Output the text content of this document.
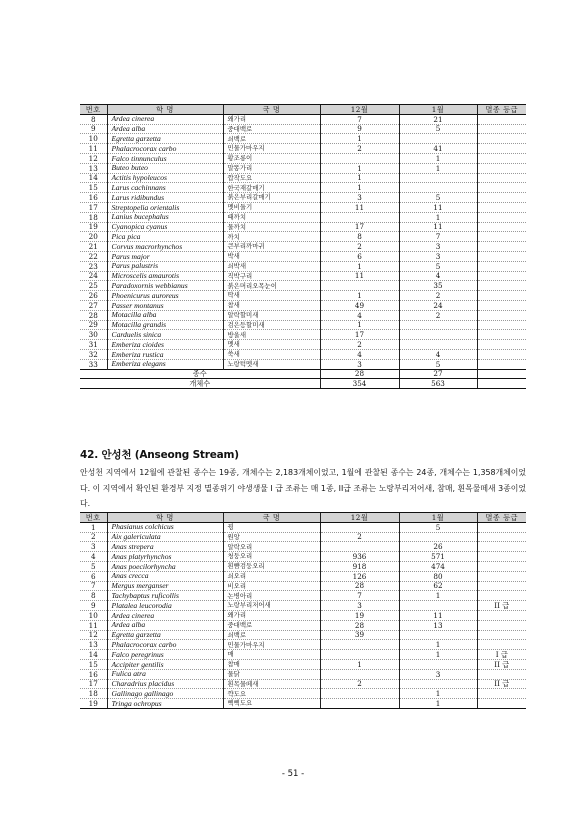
번호	학 명	국 명	12월	1월	멸종 등급
8	Ardea cinerea	왜가리	7	21	
9	Ardea alba	중대백로	9	5	
10	Egretta garzetta	쇠백로	1		
11	Phalacrocorax carbo	민물가마우지	2	41	
12	Falco tinnunculus	황조롱이		1	
13	Buteo buteo	말똥가리	1	1	
14	Actitis hypoleucos	깝작도요	1		
15	Larus cachinnans	한국재갈매기	1		
16	Larus ridibundus	붉은부리갈매기	3	5	
17	Streptopelia orientalis	멧비둘기	11	11	
18	Lanius bucephalus	때까치		1	
19	Cyanopica cyanus	물까치	17	11	
20	Pica pica	까치	8	7	
21	Corvus macrorhynchos	큰부리까마귀	2	3	
22	Parus major	박새	6	3	
23	Parus palustris	쇠박새	1	5	
24	Microscelis amaurotis	직박구리	11	4	
25	Paradoxornis webbianus	붉은머리오목눈이		35	
26	Phoenicurus auroreus	딱새	1	2	
27	Passer montanus	참새	49	24	
28	Motacilla alba	알락할미새	4	2	
29	Motacilla grandis	검은등할미새	1		
30	Carduelis sinica	방울새	17		
31	Emberiza cioides	멧새	2		
32	Emberiza rustica	쑥새	4	4	
33	Emberiza elegans	노랑턱멧새	3	5	
종수			28	27	
개체수			354	563	
42. 안성천 (Anseong Stream)

안성천 지역에서 12월에 관찰된 종수는 19종, 개체수는 2,183개체이었고, 1월에 관찰된 종수는 24종, 개체수는 1,358개체이었다. 이 지역에서 확인된 환경부 지정 멸종위기 야생생물 I 급 조류는 매 1종, II급 조류는 노랑부리저어새, 참매, 흰목물떼새 3종이었다.

번호	학 명	국 명	12월	1월	멸종 등급
1	Phasianus colchicus	꿩		5	
2	Aix galericulata	원앙	2		
3	Anas strepera	알락오리		26	
4	Anas platyrhynchos	청둥오리	936	571	
5	Anas poecilorhyncha	흰뺨검둥오리	918	474	
6	Anas crecca	쇠오리	126	80	
7	Mergus merganser	비오리	28	62	
8	Tachybaptus ruficollis	논병아리	7	1	
9	Platalea leucorodia	노랑부리저어새	3		II 급
10	Ardea cinerea	왜가리	19	11	
11	Ardea alba	중대백로	28	13	
12	Egretta garzetta	쇠백로	39		
13	Phalacrocorax carbo	민물가마우지		1	
14	Falco peregrinus	매		1	I 급
15	Accipiter gentilis	참매	1		II 급
16	Fulica atra	물닭		3	
17	Charadrius placidus	흰목물떼새	2		II 급
18	Gallinago gallinago	꺅도요		1	
19	Tringa ochropus	삑삑도요		1	
- 51 -
